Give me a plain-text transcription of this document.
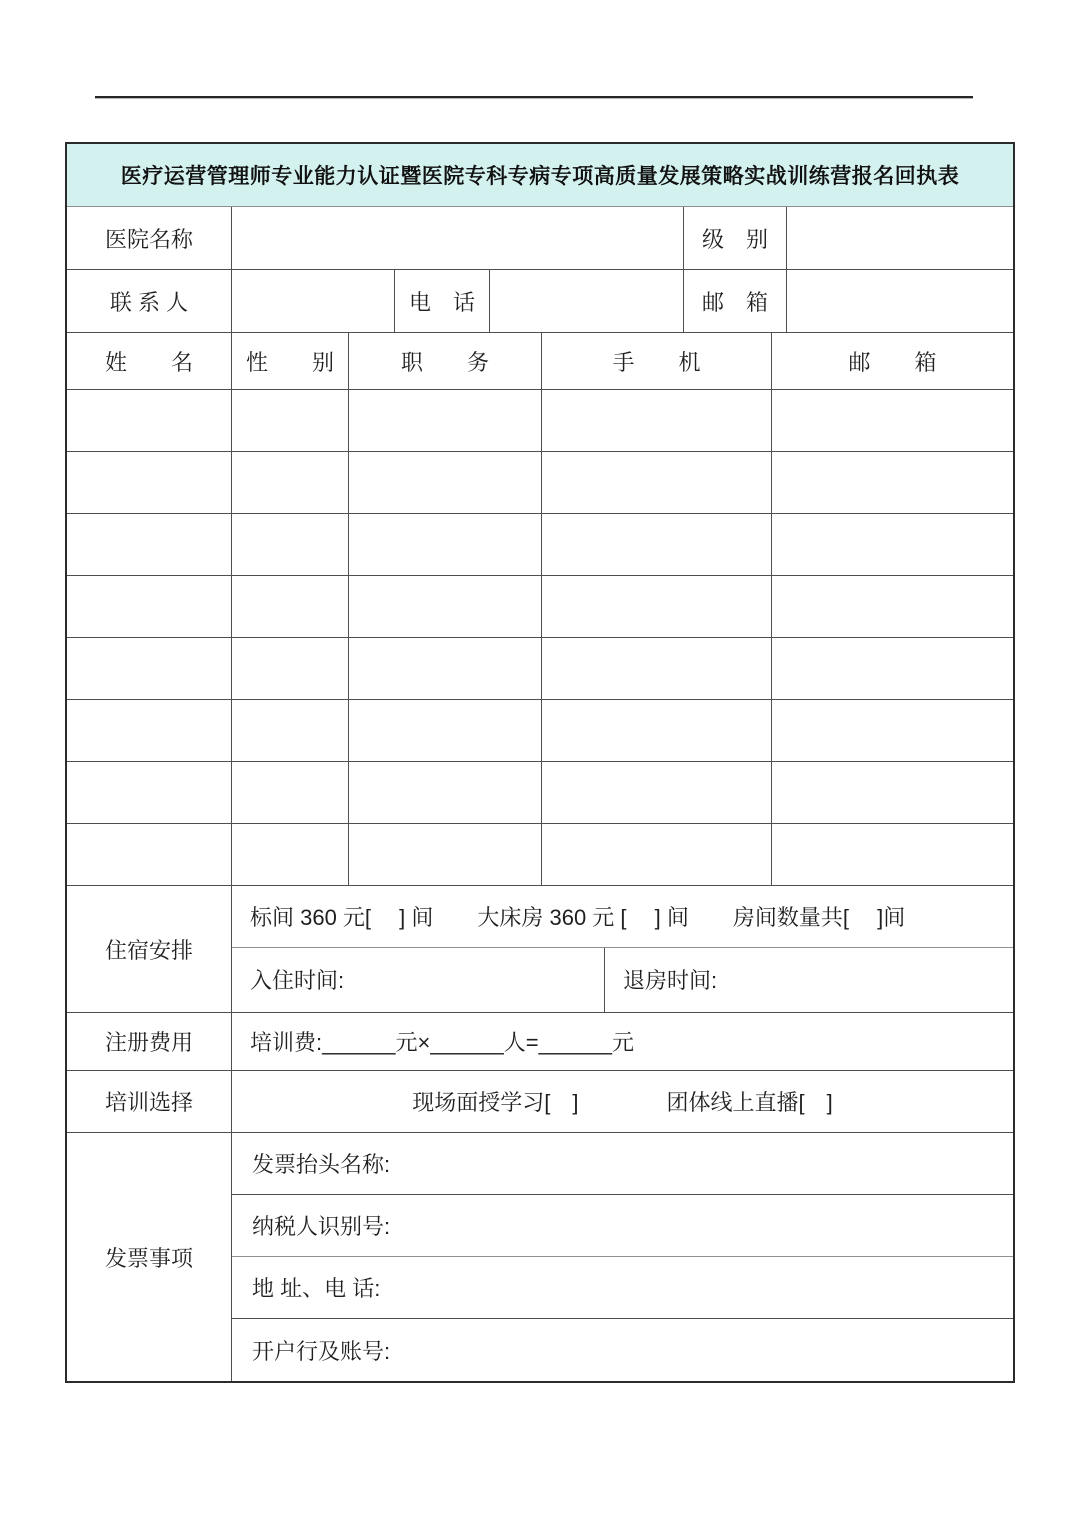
医疗运营管理师专业能力认证暨医院专科专病专项高质量发展策略实战训练营报名回执表
医院名称	级　别
联 系 人	电　话	邮　箱
姓　　名	性　　别	职　　务	手　　机	邮　　箱
住宿安排
标间 360 元[　 ] 间　　大床房 360 元 [　 ] 间　　房间数量共[　 ]间
入住时间:	退房时间:
注册费用	培训费:______元×______人=______元
培训选择	现场面授学习[　]　　　　团体线上直播[　]
发票事项
发票抬头名称:
纳税人识别号:
地 址、电 话:
开户行及账号:
